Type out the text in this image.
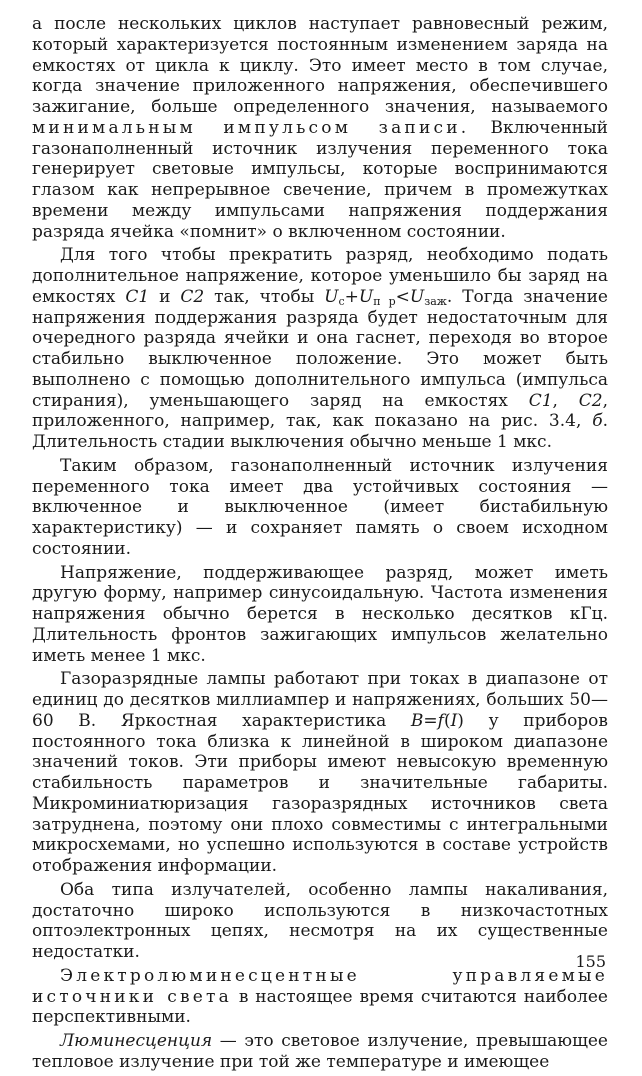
а после нескольких циклов наступает равновесный режим, который характеризуется постоянным изменением заряда на емкостях от цикла к циклу. Это имеет место в том случае, когда значение приложенного напряжения, обеспечившего зажигание, больше определенного значения, называемого минимальным импульсом записи. Включенный газонаполненный источник излучения переменного тока генерирует световые импульсы, которые воспринимаются глазом как непрерывное свечение, причем в промежутках времени между импульсами напряжения поддержания разряда ячейка «помнит» о включенном состоянии.

Для того чтобы прекратить разряд, необходимо подать дополнительное напряжение, которое уменьшило бы заряд на емкостях C1 и C2 так, чтобы $U_с+U_{п р}<U_{заж}$. Тогда значение напряжения поддержания разряда будет недостаточным для очередного разряда ячейки и она гаснет, переходя во второе стабильно выключенное положение. Это может быть выполнено с помощью дополнительного импульса (импульса стирания), уменьшающего заряд на емкостях C1, C2, приложенного, например, так, как показано на рис. 3.4, б. Длительность стадии выключения обычно меньше 1 мкс.

Таким образом, газонаполненный источник излучения переменного тока имеет два устойчивых состояния — включенное и выключенное (имеет бистабильную характеристику) — и сохраняет память о своем исходном состоянии.

Напряжение, поддерживающее разряд, может иметь другую форму, например синусоидальную. Частота изменения напряжения обычно берется в несколько десятков кГц. Длительность фронтов зажигающих импульсов желательно иметь менее 1 мкс.

Газоразрядные лампы работают при токах в диапазоне от единиц до десятков миллиампер и напряжениях, больших 50—60 В. Яркостная характеристика B=f(I) у приборов постоянного тока близка к линейной в широком диапазоне значений токов. Эти приборы имеют невысокую временную стабильность параметров и значительные габариты. Микроминиатюризация газоразрядных источников света затруднена, поэтому они плохо совместимы с интегральными микросхемами, но успешно используются в составе устройств отображения информации.

Оба типа излучателей, особенно лампы накаливания, достаточно широко используются в низкочастотных оптоэлектронных цепях, несмотря на их существенные недостатки.

Электролюминесцентные управляемые источники света в настоящее время считаются наиболее перспективными.

Люминесценция — это световое излучение, превышающее тепловое излучение при той же температуре и имеющее

155
